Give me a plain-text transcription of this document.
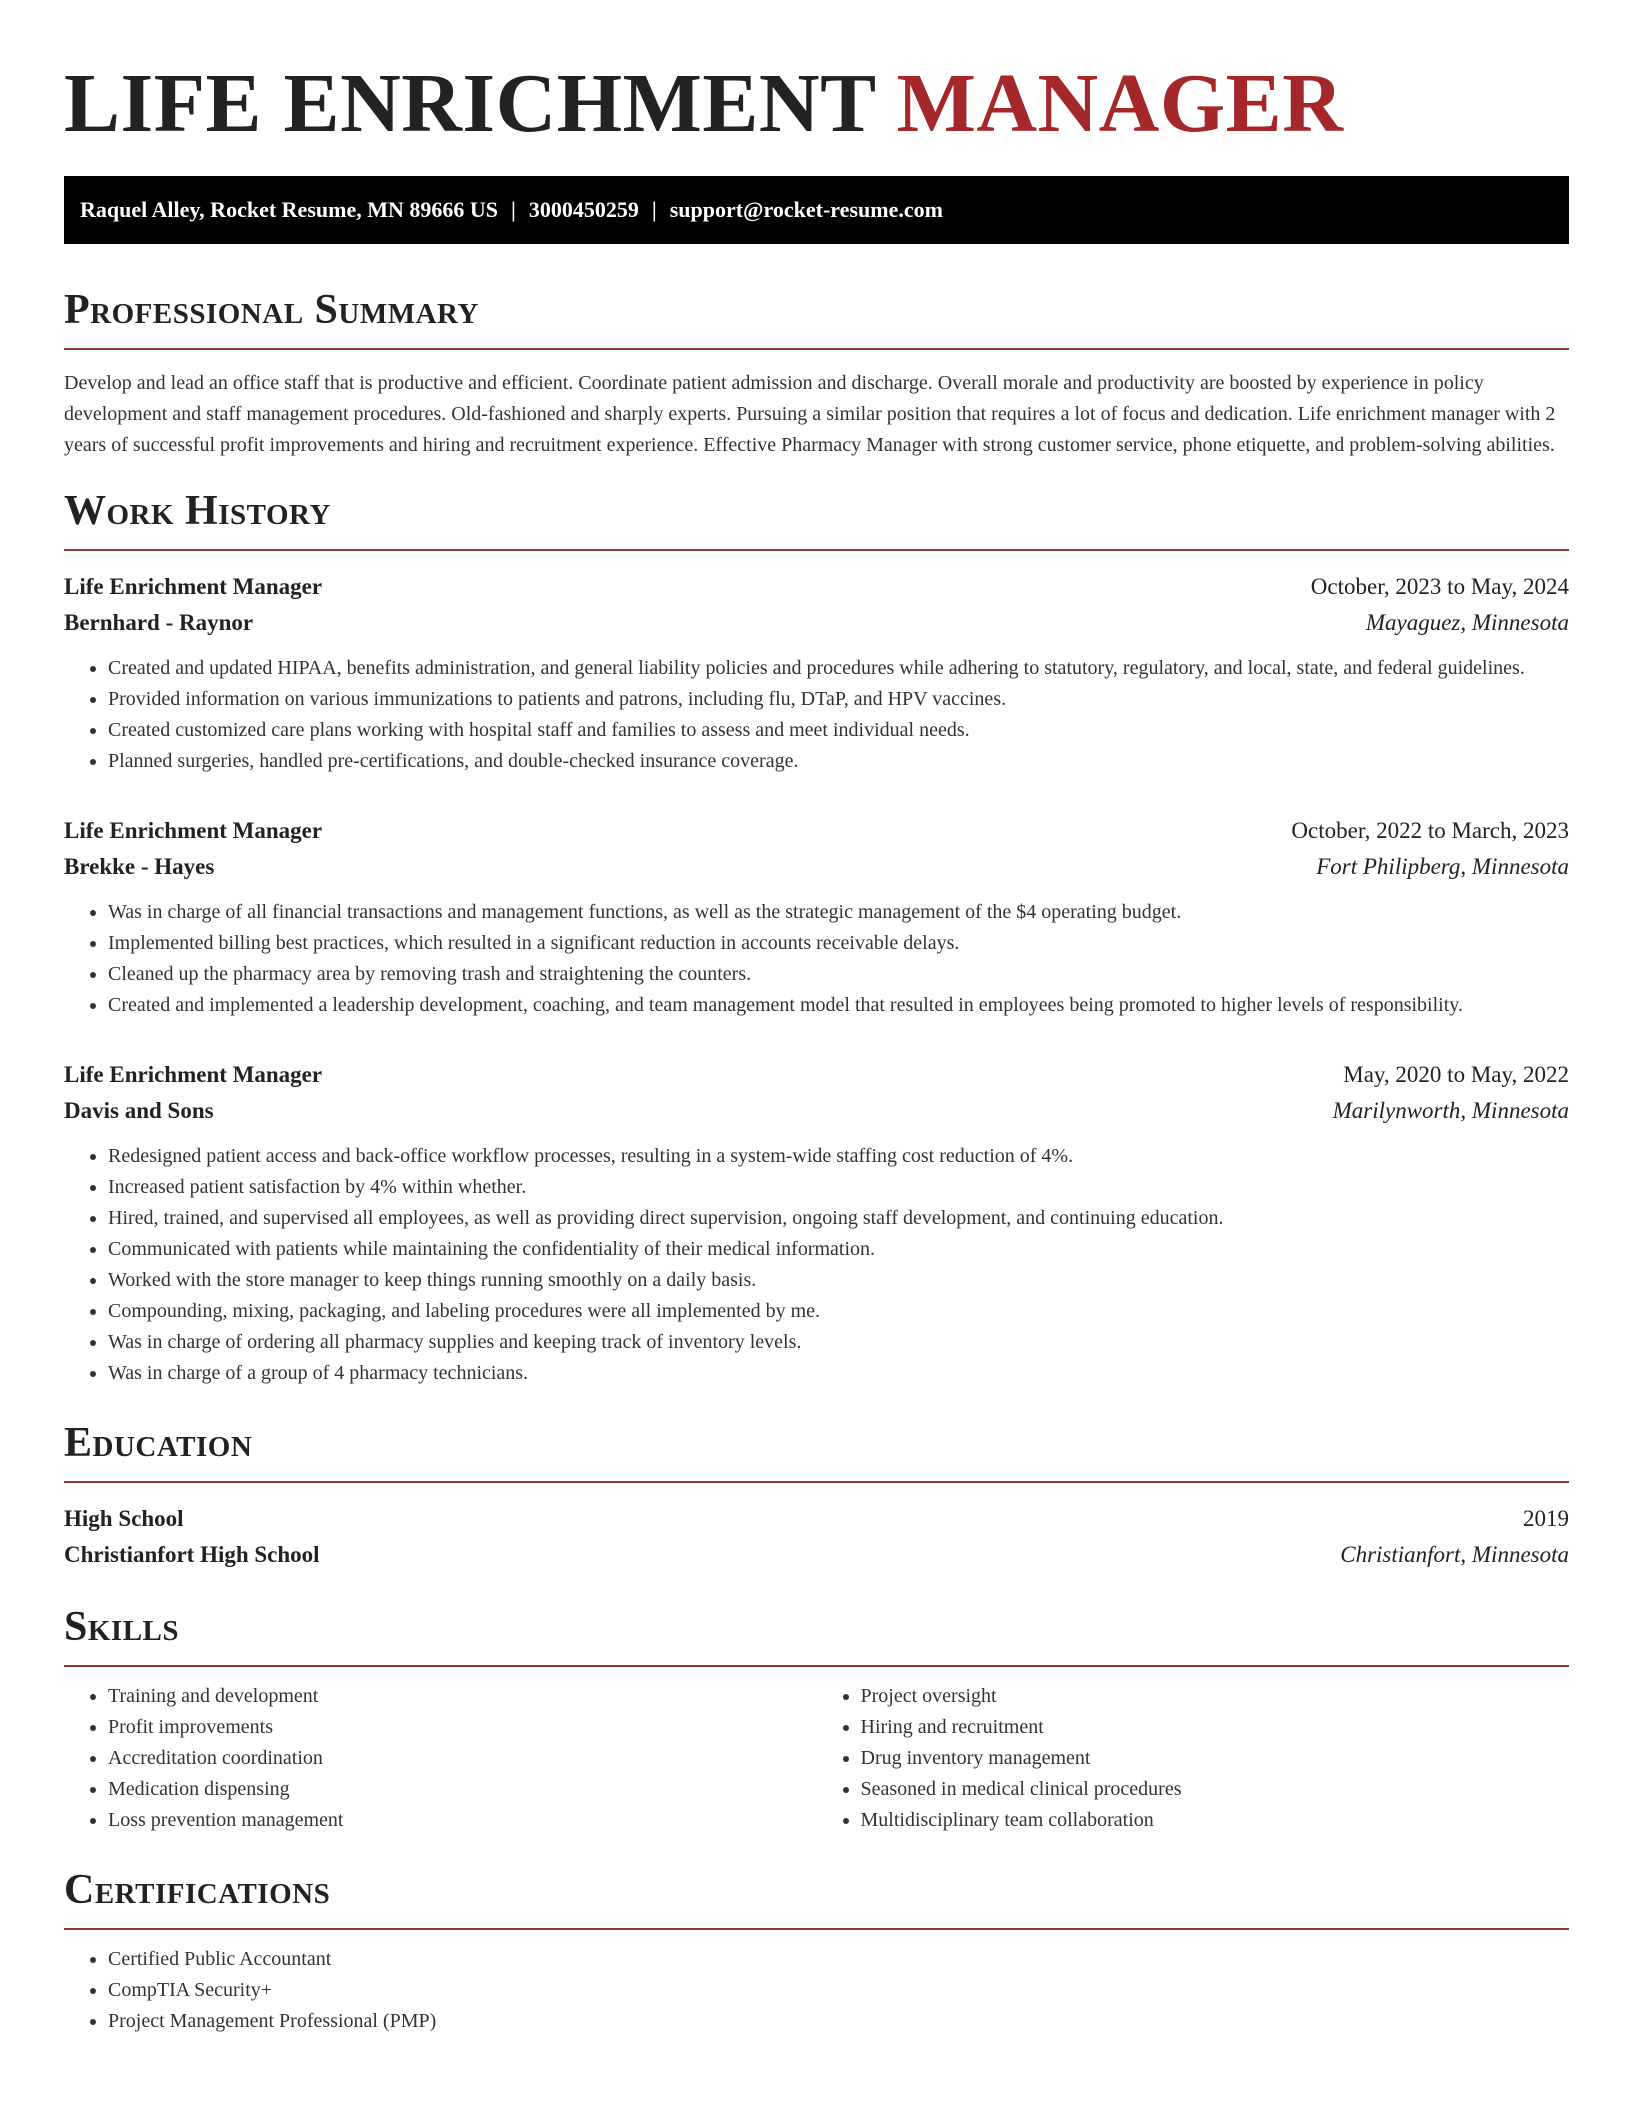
LIFE ENRICHMENT MANAGER
Raquel Alley, Rocket Resume, MN 89666 US | 3000450259 | support@rocket-resume.com
Professional Summary

Develop and lead an office staff that is productive and efficient. Coordinate patient admission and discharge. Overall morale and productivity are boosted by experience in policy development and staff management procedures. Old-fashioned and sharply experts. Pursuing a similar position that requires a lot of focus and dedication. Life enrichment manager with 2 years of successful profit improvements and hiring and recruitment experience. Effective Pharmacy Manager with strong customer service, phone etiquette, and problem-solving abilities.

Work History
Life Enrichment Manager	October, 2023 to May, 2024
Bernhard - Raynor	Mayaguez, Minnesota
• Created and updated HIPAA, benefits administration, and general liability policies and procedures while adhering to statutory, regulatory, and local, state, and federal guidelines.
• Provided information on various immunizations to patients and patrons, including flu, DTaP, and HPV vaccines.
• Created customized care plans working with hospital staff and families to assess and meet individual needs.
• Planned surgeries, handled pre-certifications, and double-checked insurance coverage.
Life Enrichment Manager	October, 2022 to March, 2023
Brekke - Hayes	Fort Philipberg, Minnesota
• Was in charge of all financial transactions and management functions, as well as the strategic management of the $4 operating budget.
• Implemented billing best practices, which resulted in a significant reduction in accounts receivable delays.
• Cleaned up the pharmacy area by removing trash and straightening the counters.
• Created and implemented a leadership development, coaching, and team management model that resulted in employees being promoted to higher levels of responsibility.
Life Enrichment Manager	May, 2020 to May, 2022
Davis and Sons	Marilynworth, Minnesota
• Redesigned patient access and back-office workflow processes, resulting in a system-wide staffing cost reduction of 4%.
• Increased patient satisfaction by 4% within whether.
• Hired, trained, and supervised all employees, as well as providing direct supervision, ongoing staff development, and continuing education.
• Communicated with patients while maintaining the confidentiality of their medical information.
• Worked with the store manager to keep things running smoothly on a daily basis.
• Compounding, mixing, packaging, and labeling procedures were all implemented by me.
• Was in charge of ordering all pharmacy supplies and keeping track of inventory levels.
• Was in charge of a group of 4 pharmacy technicians.
Education
High School	2019
Christianfort High School	Christianfort, Minnesota
Skills
• Training and development
• Profit improvements
• Accreditation coordination
• Medication dispensing
• Loss prevention management
• Project oversight
• Hiring and recruitment
• Drug inventory management
• Seasoned in medical clinical procedures
• Multidisciplinary team collaboration
Certifications
• Certified Public Accountant
• CompTIA Security+
• Project Management Professional (PMP)
